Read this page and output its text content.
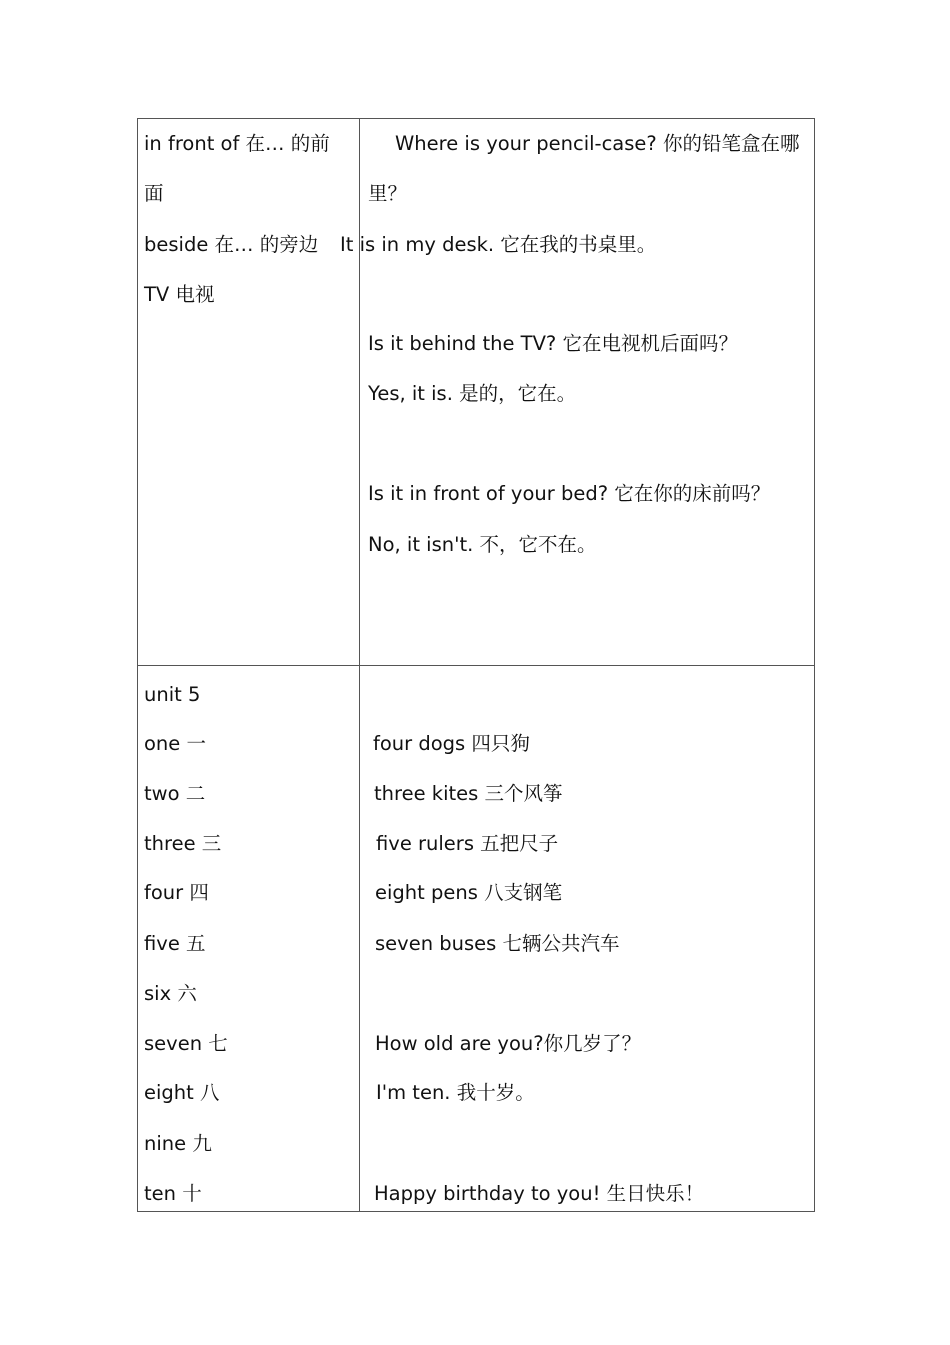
in front of 在… 的前
面
beside 在… 的旁边
TV 电视
Where is your pencil-case? 你的铅笔盒在哪
里？
It is in my desk. 它在我的书桌里。
Is it behind the TV? 它在电视机后面吗？
Yes, it is. 是的，它在。
Is it in front of your bed? 它在你的床前吗？
No, it isn't. 不，它不在。
unit 5
one 一
two 二
three 三
four 四
five 五
six 六
seven 七
eight 八
nine 九
ten 十
four dogs 四只狗
three kites 三个风筝
five rulers 五把尺子
eight pens 八支钢笔
seven buses 七辆公共汽车
How old are you?你几岁了？
I'm ten. 我十岁。
Happy birthday to you! 生日快乐！
